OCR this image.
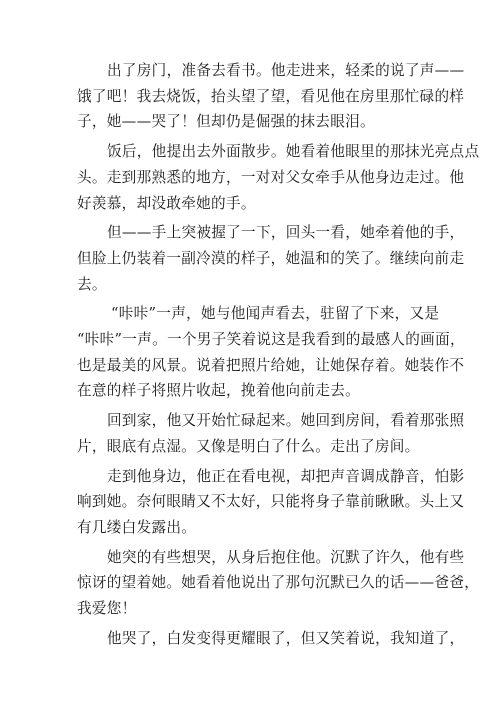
出了房门，准备去看书。他走进来，轻柔的说了声——
饿了吧！我去烧饭，抬头望了望，看见他在房里那忙碌的样
子，她——哭了！但却仍是倔强的抹去眼泪。

饭后，他提出去外面散步。她看着他眼里的那抹光亮点点
头。走到那熟悉的地方，一对对父女牵手从他身边走过。他
好羡慕，却没敢牵她的手。

但——手上突被握了一下，回头一看，她牵着他的手，
但脸上仍装着一副冷漠的样子，她温和的笑了。继续向前走
去。

“咔咔”一声，她与他闻声看去，驻留了下来，又是
“咔咔”一声。一个男子笑着说这是我看到的最感人的画面，
也是最美的风景。说着把照片给她，让她保存着。她装作不
在意的样子将照片收起，挽着他向前走去。

回到家，他又开始忙碌起来。她回到房间，看着那张照
片，眼底有点湿。又像是明白了什么。走出了房间。

走到他身边，他正在看电视，却把声音调成静音，怕影
响到她。奈何眼睛又不太好，只能将身子靠前瞅瞅。头上又
有几缕白发露出。

她突的有些想哭，从身后抱住他。沉默了许久，他有些
惊讶的望着她。她看着他说出了那句沉默已久的话——爸爸，
我爱您！

他哭了，白发变得更耀眼了，但又笑着说，我知道了，
